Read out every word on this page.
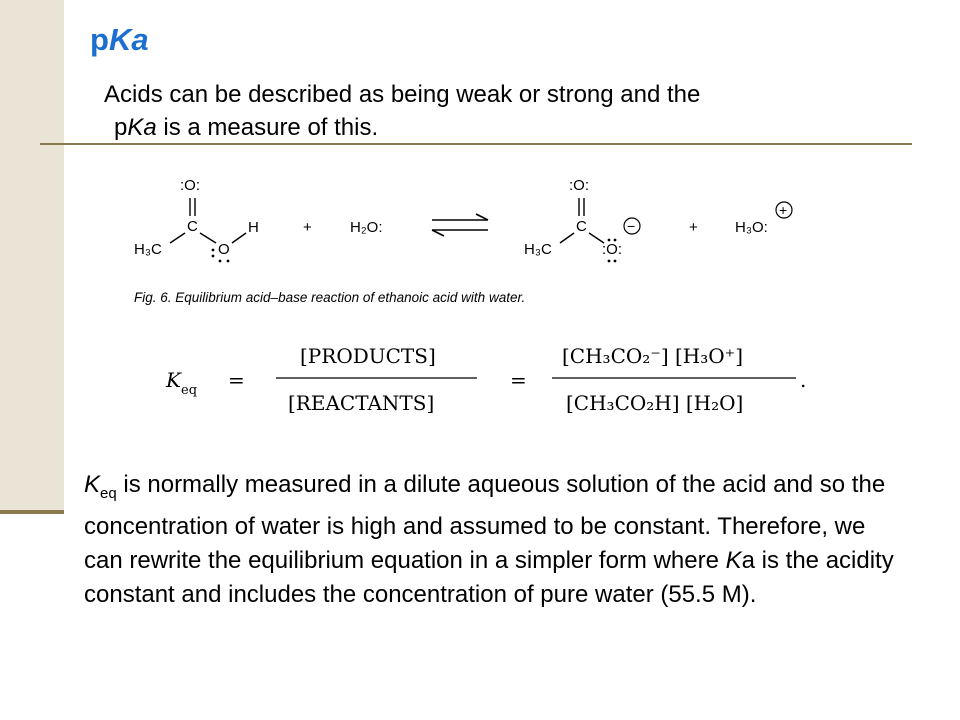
pKa
Acids can be described as being weak or strong and the
pKa is a measure of this.
:O:
C
H₃C	O
H	+	H₂O:
:O:
C
H₃C	:O:
−	+ H₃O:
+
Fig. 6. Equilibrium acid–base reaction of ethanoic acid with water.
K eq =
[PRODUCTS]
[REACTANTS]
=
[CH₃CO₂⁻] [H₃O⁺]
[CH₃CO₂H] [H₂O]
.
$K_{eq}$ is normally measured in a dilute aqueous solution of the acid and so the concentration of water is high and assumed to be constant. Therefore, we can rewrite the equilibrium equation in a simpler form where Ka is the acidity constant and includes the concentration of pure water (55.5 M).
